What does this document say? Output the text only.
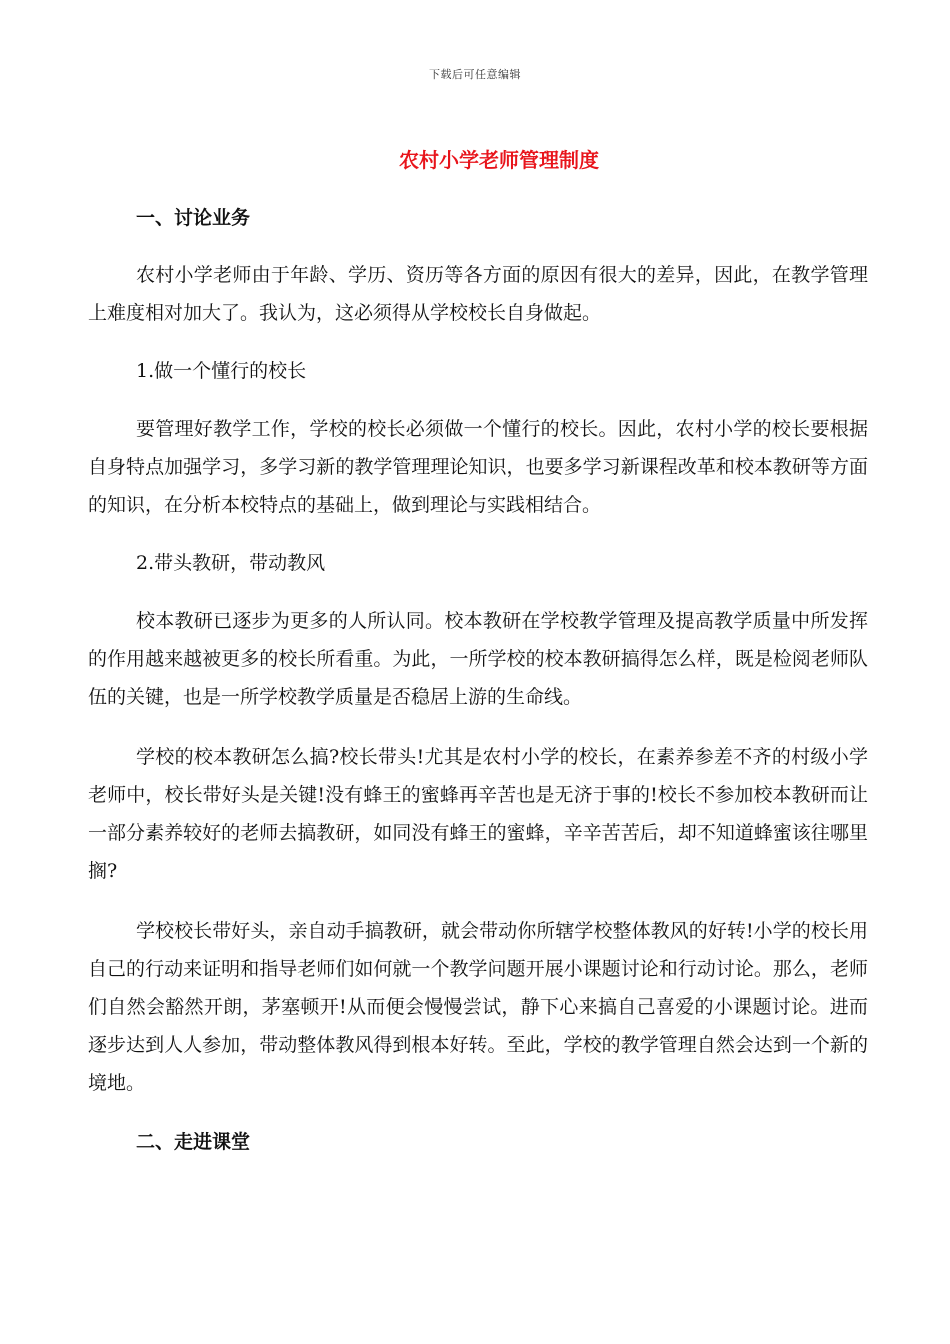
下载后可任意编辑
农村小学老师管理制度
一、讨论业务

农村小学老师由于年龄、学历、资历等各方面的原因有很大的差异，因此，在教学管理上难度相对加大了。我认为，这必须得从学校校长自身做起。

1.做一个懂行的校长

要管理好教学工作，学校的校长必须做一个懂行的校长。因此，农村小学的校长要根据自身特点加强学习，多学习新的教学管理理论知识，也要多学习新课程改革和校本教研等方面的知识，在分析本校特点的基础上，做到理论与实践相结合。

2.带头教研，带动教风

校本教研已逐步为更多的人所认同。校本教研在学校教学管理及提高教学质量中所发挥的作用越来越被更多的校长所看重。为此，一所学校的校本教研搞得怎么样，既是检阅老师队伍的关键，也是一所学校教学质量是否稳居上游的生命线。

学校的校本教研怎么搞?校长带头!尤其是农村小学的校长，在素养参差不齐的村级小学老师中，校长带好头是关键!没有蜂王的蜜蜂再辛苦也是无济于事的!校长不参加校本教研而让一部分素养较好的老师去搞教研，如同没有蜂王的蜜蜂，辛辛苦苦后，却不知道蜂蜜该往哪里搁?

学校校长带好头，亲自动手搞教研，就会带动你所辖学校整体教风的好转!小学的校长用自己的行动来证明和指导老师们如何就一个教学问题开展小课题讨论和行动讨论。那么，老师们自然会豁然开朗，茅塞顿开!从而便会慢慢尝试，静下心来搞自己喜爱的小课题讨论。进而逐步达到人人参加，带动整体教风得到根本好转。至此，学校的教学管理自然会达到一个新的境地。

二、走进课堂
